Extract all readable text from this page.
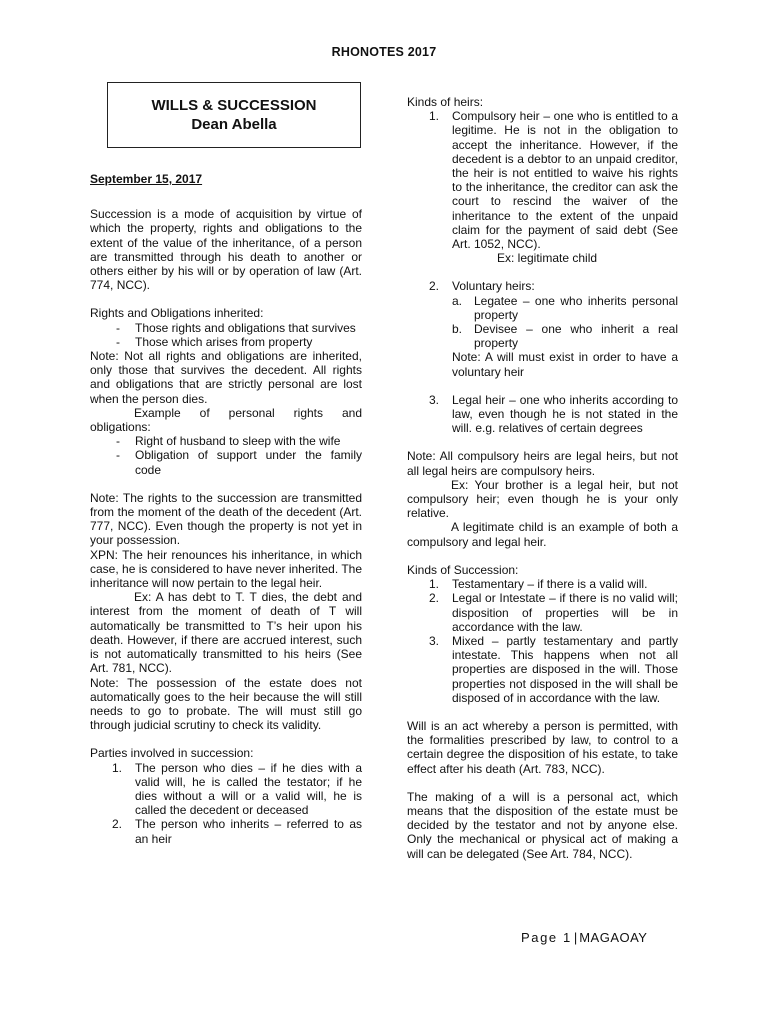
RHONOTES 2017
WILLS & SUCCESSION
Dean Abella

September 15, 2017

Succession is a mode of acquisition by virtue of which the property, rights and obligations to the extent of the value of the inheritance, of a person are transmitted through his death to another or others either by his will or by operation of law (Art. 774, NCC).

Rights and Obligations inherited:

- Those rights and obligations that survives
- Those which arises from property

Note: Not all rights and obligations are inherited, only those that survives the decedent. All rights and obligations that are strictly personal are lost when the person dies.

Example of personal rights and obligations:

- Right of husband to sleep with the wife
- Obligation of support under the family code

Note: The rights to the succession are transmitted from the moment of the death of the decedent (Art. 777, NCC). Even though the property is not yet in your possession.

XPN: The heir renounces his inheritance, in which case, he is considered to have never inherited. The inheritance will now pertain to the legal heir.

Ex: A has debt to T. T dies, the debt and interest from the moment of death of T will automatically be transmitted to T’s heir upon his death. However, if there are accrued interest, such is not automatically transmitted to his heirs (See Art. 781, NCC).

Note: The possession of the estate does not automatically goes to the heir because the will still needs to go to probate. The will must still go through judicial scrutiny to check its validity.

Parties involved in succession:

1. The person who dies – if he dies with a valid will, he is called the testator; if he dies without a will or a valid will, he is called the decedent or deceased
2. The person who inherits – referred to as an heir

Kinds of heirs:

1. Compulsory heir – one who is entitled to a legitime. He is not in the obligation to accept the inheritance. However, if the decedent is a debtor to an unpaid creditor, the heir is not entitled to waive his rights to the inheritance, the creditor can ask the court to rescind the waiver of the inheritance to the extent of the unpaid claim for the payment of said debt (See Art. 1052, NCC).
Ex: legitimate child
2. Voluntary heirs:
a. Legatee – one who inherits personal property
b. Devisee – one who inherit a real property
Note: A will must exist in order to have a voluntary heir
3. Legal heir – one who inherits according to law, even though he is not stated in the will. e.g. relatives of certain degrees

Note: All compulsory heirs are legal heirs, but not all legal heirs are compulsory heirs.

Ex: Your brother is a legal heir, but not compulsory heir; even though he is your only relative.

A legitimate child is an example of both a compulsory and legal heir.

Kinds of Succession:

1. Testamentary – if there is a valid will.
2. Legal or Intestate – if there is no valid will; disposition of properties will be in accordance with the law.
3. Mixed – partly testamentary and partly intestate. This happens when not all properties are disposed in the will. Those properties not disposed in the will shall be disposed of in accordance with the law.

Will is an act whereby a person is permitted, with the formalities prescribed by law, to control to a certain degree the disposition of his estate, to take effect after his death (Art. 783, NCC).

The making of a will is a personal act, which means that the disposition of the estate must be decided by the testator and not by anyone else. Only the mechanical or physical act of making a will can be delegated (See Art. 784, NCC).

Page 1 | MAGAOAY
